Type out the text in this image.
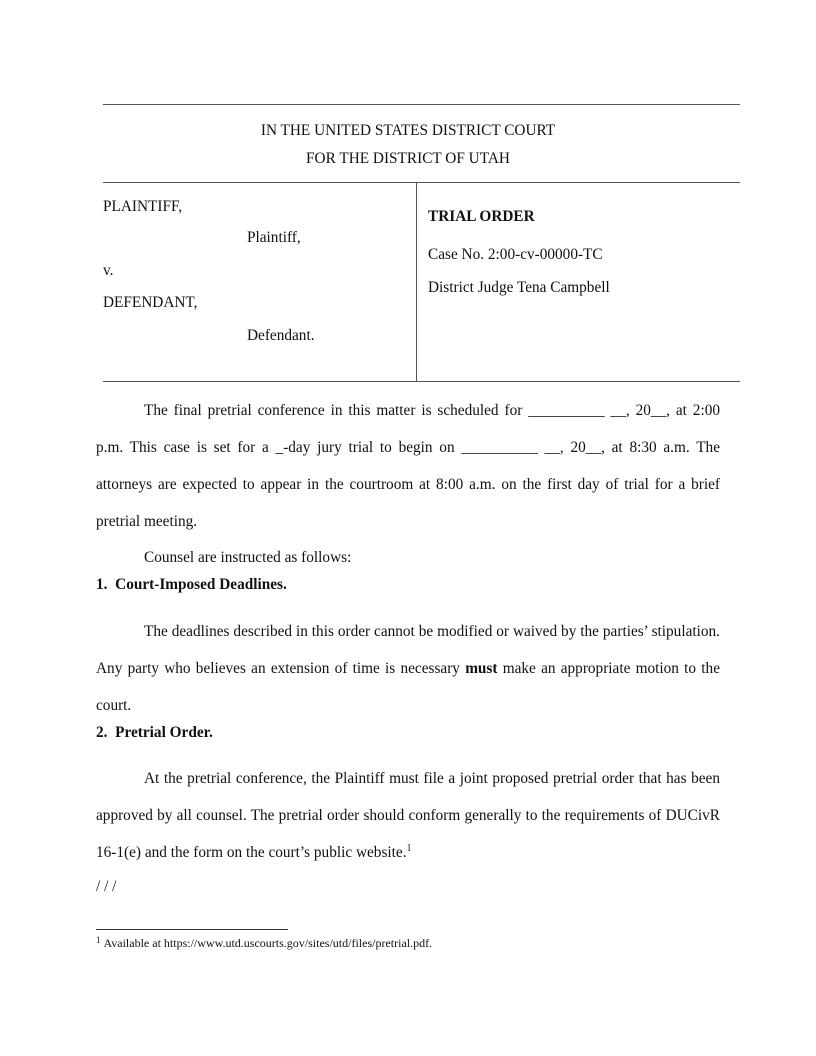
IN THE UNITED STATES DISTRICT COURT
FOR THE DISTRICT OF UTAH
PLAINTIFF,
Plaintiff,
v.
DEFENDANT,
Defendant.
TRIAL ORDER
Case No. 2:00-cv-00000-TC
District Judge Tena Campbell
The final pretrial conference in this matter is scheduled for __________ __, 20__, at 2:00 p.m. This case is set for a _-day jury trial to begin on __________ __, 20__, at 8:30 a.m. The attorneys are expected to appear in the courtroom at 8:00 a.m. on the first day of trial for a brief pretrial meeting.
Counsel are instructed as follows:
1. Court-Imposed Deadlines.
The deadlines described in this order cannot be modified or waived by the parties’ stipulation. Any party who believes an extension of time is necessary must make an appropriate motion to the court.
2. Pretrial Order.
At the pretrial conference, the Plaintiff must file a joint proposed pretrial order that has been approved by all counsel. The pretrial order should conform generally to the requirements of DUCivR 16-1(e) and the form on the court’s public website.$^1$
/ / /
$^1$ Available at https://www.utd.uscourts.gov/sites/utd/files/pretrial.pdf.
